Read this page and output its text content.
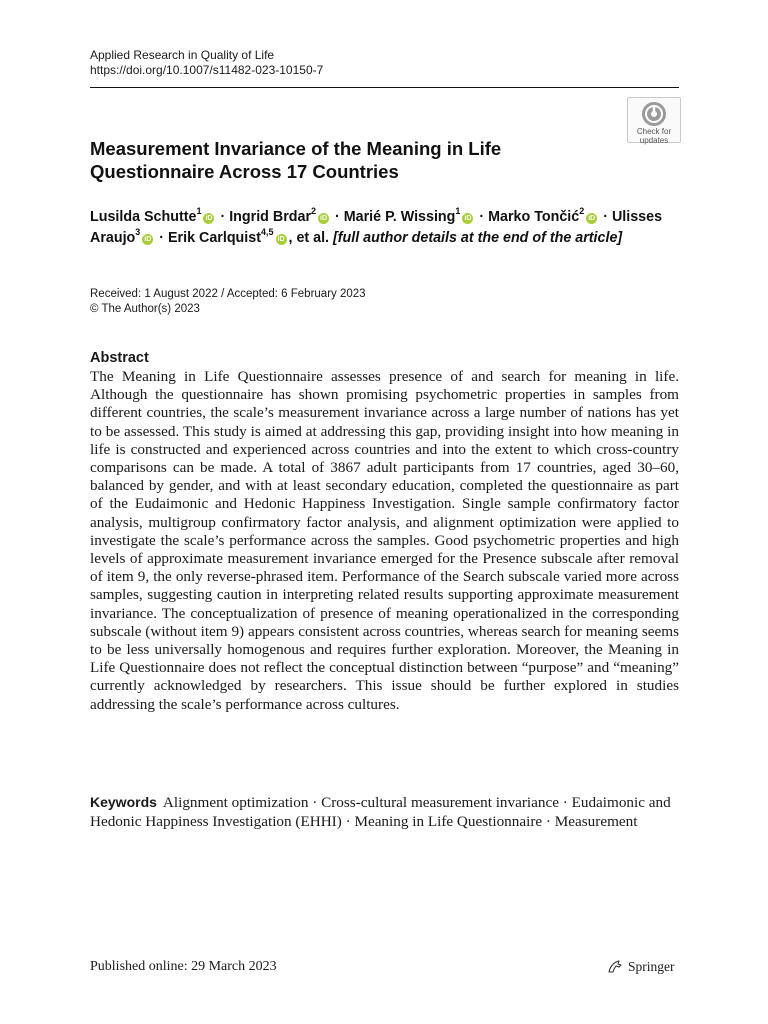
Applied Research in Quality of Life
https://doi.org/10.1007/s11482-023-10150-7
Check for
updates
Measurement Invariance of the Meaning in Life Questionnaire Across 17 Countries
Lusilda Schutte$^1$iD · Ingrid Brdar$^2$iD · Marié P. Wissing$^1$iD · Marko Tončić$^2$iD · Ulisses Araujo$^3$iD · Erik Carlquist$^{4,5}$iD , et al. [full author details at the end of the article]
Received: 1 August 2022 / Accepted: 6 February 2023
© The Author(s) 2023
Abstract
The Meaning in Life Questionnaire assesses presence of and search for meaning in life. Although the questionnaire has shown promising psychometric properties in samples from different countries, the scale’s measurement invariance across a large number of nations has yet to be assessed. This study is aimed at addressing this gap, providing insight into how meaning in life is constructed and experienced across countries and into the extent to which cross-country comparisons can be made. A total of 3867 adult participants from 17 countries, aged 30–60, balanced by gender, and with at least secondary education, completed the questionnaire as part of the Eudaimonic and Hedonic Happiness Investigation. Single sample confirmatory factor analysis, multigroup confirmatory factor analysis, and alignment optimization were applied to investigate the scale’s performance across the samples. Good psychometric properties and high levels of approximate measurement invariance emerged for the Presence subscale after removal of item 9, the only reverse-phrased item. Performance of the Search subscale varied more across samples, suggesting caution in interpreting related results supporting approximate measurement invariance. The conceptualization of presence of meaning operationalized in the corresponding subscale (without item 9) appears consistent across countries, whereas search for meaning seems to be less universally homogenous and requires further exploration. Moreover, the Meaning in Life Questionnaire does not reflect the conceptual distinction between “purpose” and “meaning” currently acknowledged by researchers. This issue should be further explored in studies addressing the scale’s performance across cultures.
Keywords Alignment optimization · Cross-cultural measurement invariance · Eudaimonic and Hedonic Happiness Investigation (EHHI) · Meaning in Life Questionnaire · Measurement
Published online: 29 March 2023	Springer
